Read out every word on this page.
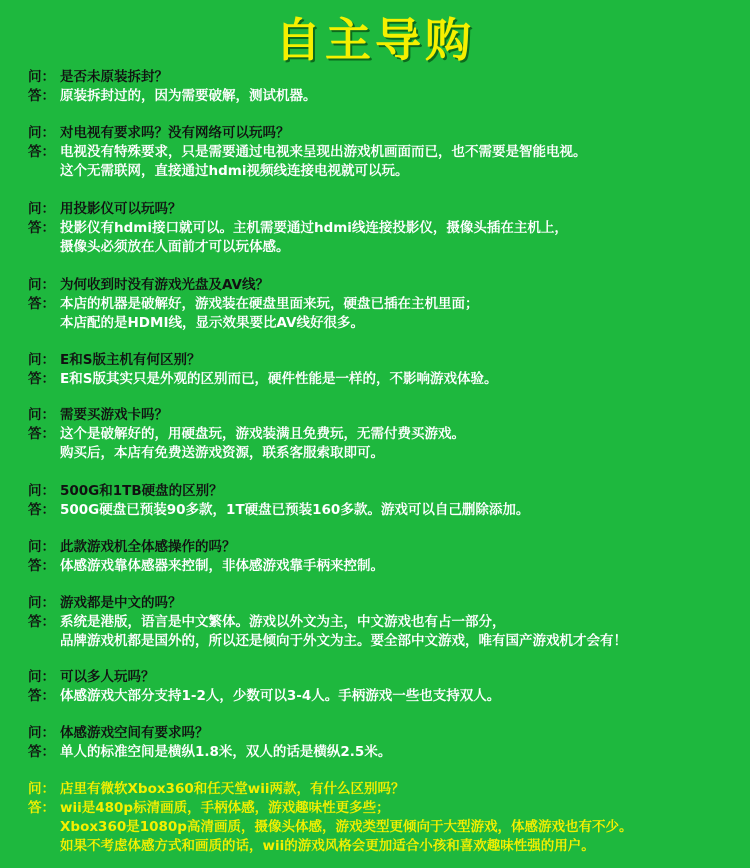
自主导购
问： 是否未原装拆封？
答： 原装拆封过的，因为需要破解，测试机器。
问： 对电视有要求吗？没有网络可以玩吗？
答： 电视没有特殊要求，只是需要通过电视来呈现出游戏机画面而已，也不需要是智能电视。
这个无需联网，直接通过hdmi视频线连接电视就可以玩。
问： 用投影仪可以玩吗？
答： 投影仪有hdmi接口就可以。主机需要通过hdmi线连接投影仪，摄像头插在主机上，
摄像头必须放在人面前才可以玩体感。
问： 为何收到时没有游戏光盘及AV线？
答： 本店的机器是破解好，游戏装在硬盘里面来玩，硬盘已插在主机里面；
本店配的是HDMI线，显示效果要比AV线好很多。
问： E和S版主机有何区别？
答： E和S版其实只是外观的区别而已，硬件性能是一样的，不影响游戏体验。
问： 需要买游戏卡吗？
答： 这个是破解好的，用硬盘玩，游戏装满且免费玩，无需付费买游戏。
购买后，本店有免费送游戏资源，联系客服索取即可。
问： 500G和1TB硬盘的区别？
答： 500G硬盘已预装90多款，1T硬盘已预装160多款。游戏可以自己删除添加。
问： 此款游戏机全体感操作的吗？
答： 体感游戏靠体感器来控制，非体感游戏靠手柄来控制。
问： 游戏都是中文的吗？
答： 系统是港版，语言是中文繁体。游戏以外文为主，中文游戏也有占一部分，
品牌游戏机都是国外的，所以还是倾向于外文为主。要全部中文游戏，唯有国产游戏机才会有！
问： 可以多人玩吗？
答： 体感游戏大部分支持1-2人，少数可以3-4人。手柄游戏一些也支持双人。
问： 体感游戏空间有要求吗？
答： 单人的标准空间是横纵1.8米，双人的话是横纵2.5米。
问： 店里有微软Xbox360和任天堂wii两款，有什么区别吗？
答： wii是480p标清画质，手柄体感，游戏趣味性更多些；
Xbox360是1080p高清画质，摄像头体感，游戏类型更倾向于大型游戏，体感游戏也有不少。
如果不考虑体感方式和画质的话，wii的游戏风格会更加适合小孩和喜欢趣味性强的用户。
